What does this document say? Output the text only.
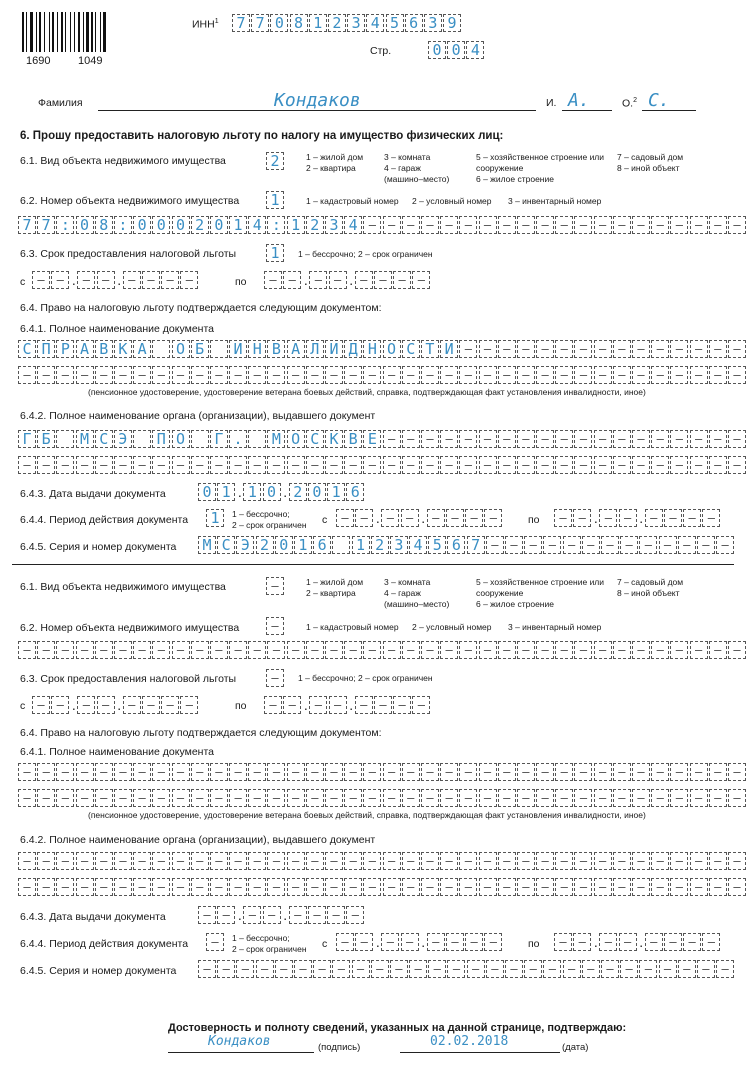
1690	1049
ИНН$^1$ 7 7 0 8 1 2 3 4 5 6 3 9
Стр.	0 0 4
Фамилия	Кондаков	И. А.	О.$^2$ С.
6. Прошу предоставить налоговую льготу по налогу на имущество физических лиц:
6.1. Вид объекта недвижимого имущества	2	1 – жилой дом
2 – квартира
3 – комната
4 – гараж
(машино–место)
5 – хозяйственное строение или
сооружение
6 – жилое строение
7 – садовый дом
8 – иной объект
6.2. Номер объекта недвижимого имущества 1	1 – кадастровый номер 2 – условный номер 3 – инвентарный номер
7 7 : 0 8 : 0 0 0 2 0 1 4 : 1 2 3 4 – – – – – – – – – – – – – – – – – – – –
6.3. Срок предоставления налоговой льготы 1	1 – бессрочно; 2 – срок ограничен
с	– – . – – . – – – –	по	– – . – – . – – – –
6.4. Право на налоговую льготу подтверждается следующим документом:
6.4.1. Полное наименование документа
С П Р А В К А О Б И Н В А Л И Д Н О С Т И – – – – – – – – – – – – – – –
– – – – – – – – – – – – – – – – – – – – – – – – – – – – – – – – – – – – – –
(пенсионное удостоверение, удостоверение ветерана боевых действий, справка, подтверждающая факт установления инвалидности, иное)
6.4.2. Полное наименование органа (организации), выдавшего документ
Г Б М С Э П О Г . М О С К В Е – – – – – – – – – – – – – – – – – – –
– – – – – – – – – – – – – – – – – – – – – – – – – – – – – – – – – – – – – –
6.4.3. Дата выдачи документа 0 1 . 1 0 . 2 0 1 6
6.4.4. Период действия документа 1	1 – бессрочно;
2 – срок ограничен с	– – . – – . – – – –	по	– – . – – . – – – –
6.4.5. Серия и номер документа М С Э 2 0 1 6 1 2 3 4 5 6 7 – – – – – – – – – – – – –
6.1. Вид объекта недвижимого имущества	–	1 – жилой дом
2 – квартира
3 – комната
4 – гараж
(машино–место)
5 – хозяйственное строение или
сооружение
6 – жилое строение
7 – садовый дом
8 – иной объект
6.2. Номер объекта недвижимого имущества	–	1 – кадастровый номер 2 – условный номер 3 – инвентарный номер
– – – – – – – – – – – – – – – – – – – – – – – – – – – – – – – – – – – – – –
6.3. Срок предоставления налоговой льготы	–	1 – бессрочно; 2 – срок ограничен
с	– – . – – . – – – –	по	– – . – – . – – – –
6.4. Право на налоговую льготу подтверждается следующим документом:
6.4.1. Полное наименование документа
– – – – – – – – – – – – – – – – – – – – – – – – – – – – – – – – – – – – – –
– – – – – – – – – – – – – – – – – – – – – – – – – – – – – – – – – – – – – –
(пенсионное удостоверение, удостоверение ветерана боевых действий, справка, подтверждающая факт установления инвалидности, иное)
6.4.2. Полное наименование органа (организации), выдавшего документ
– – – – – – – – – – – – – – – – – – – – – – – – – – – – – – – – – – – – – –
– – – – – – – – – – – – – – – – – – – – – – – – – – – – – – – – – – – – – –
6.4.3. Дата выдачи документа	– – . – – . – – – –
6.4.4. Период действия документа	–	1 – бессрочно;
2 – срок ограничен с	– – . – – . – – – –	по	– – . – – . – – – –
6.4.5. Серия и номер документа	– – – – – – – – – – – – – – – – – – – – – – – – – – – –
Достоверность и полноту сведений, указанных на данной странице, подтверждаю:
Кондаков	(подпись)	02.02.2018	(дата)
